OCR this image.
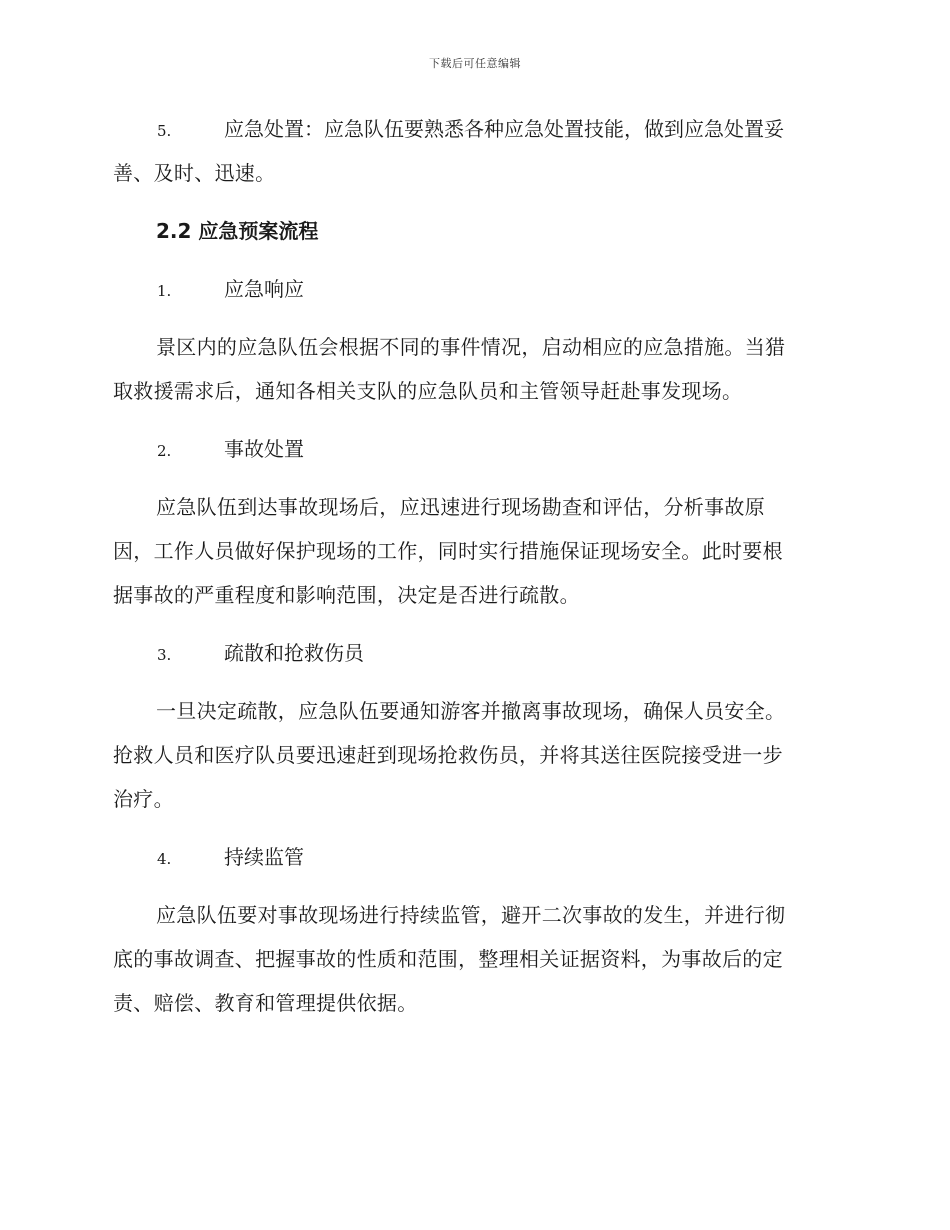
下载后可任意编辑
5.	应急处置：应急队伍要熟悉各种应急处置技能，做到应急处置妥

善、及时、迅速。

2.2 应急预案流程
1.	应急响应

景区内的应急队伍会根据不同的事件情况，启动相应的应急措施。当猎
取救援需求后，通知各相关支队的应急队员和主管领导赶赴事发现场。

2.	事故处置

应急队伍到达事故现场后，应迅速进行现场勘查和评估，分析事故原
因，工作人员做好保护现场的工作，同时实行措施保证现场安全。此时要根
据事故的严重程度和影响范围，决定是否进行疏散。

3.	疏散和抢救伤员

一旦决定疏散，应急队伍要通知游客并撤离事故现场，确保人员安全。
抢救人员和医疗队员要迅速赶到现场抢救伤员，并将其送往医院接受进一步
治疗。

4.	持续监管

应急队伍要对事故现场进行持续监管，避开二次事故的发生，并进行彻
底的事故调查、把握事故的性质和范围，整理相关证据资料，为事故后的定
责、赔偿、教育和管理提供依据。
